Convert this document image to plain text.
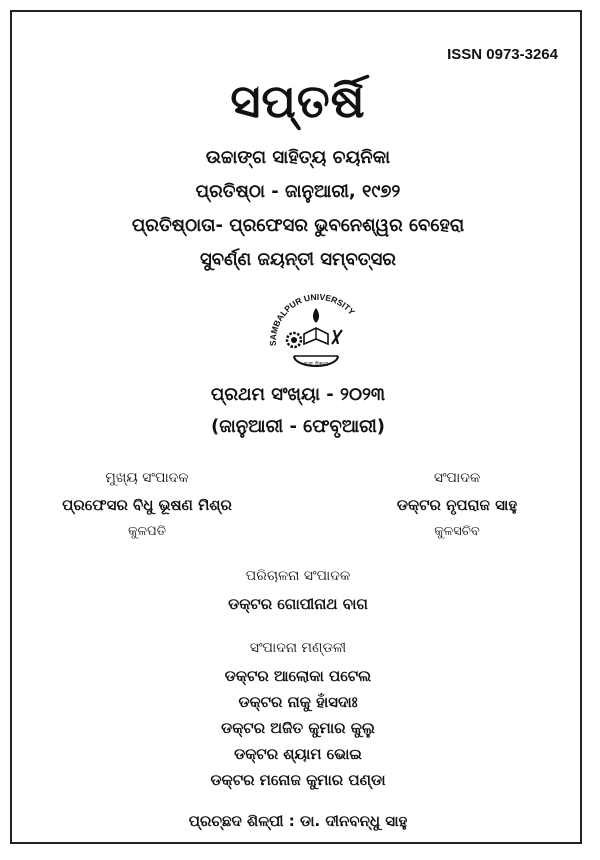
ISSN 0973-3264
ସପ୍ତର୍ଷି
ଉଚ୍ଚାଙ୍ଗ ସାହିତ୍ୟ ଚୟନିକା
ପ୍ରତିଷ୍ଠା - ଜାନୁଆରୀ, ୧୯୭୨
ପ୍ରତିଷ୍ଠାତା- ପ୍ରଫେସର ଭୁବନେଶ୍ୱର ବେହେରା
ସୁବର୍ଣ୍ଣ ଜୟନ୍ତୀ ସମ୍ବତ୍ସର
SAMBALPUR UNIVERSITY
ଜ୍ଞାନ ବିଜ୍ଞାନ
ପ୍ରଥମ ସଂଖ୍ୟା - ୨୦୨୩
(ଜାନୁଆରୀ - ଫେବୃଆରୀ)
ମୁଖ୍ୟ ସଂପାଦକ
ପ୍ରଫେସର ବିଧୁ ଭୂଷଣ ମିଶ୍ର
କୁଳପତି
ସଂପାଦକ
ଡକ୍ଟର ନୃପରାଜ ସାହୁ
କୁଳସଚିବ
ପରିଚାଳନା ସଂପାଦକ
ଡକ୍ଟର ଗୋପୀନାଥ ବାଗ
ସଂପାଦନା ମଣ୍ଡଳୀ
ଡକ୍ଟର ଆଲୋକା ପଟେଲ
ଡକ୍ଟର ନାକୁ ହାଁସଦାଃ
ଡକ୍ଟର ଅଜିତ କୁମାର କୁଲୁ
ଡକ୍ଟର ଶ୍ୟାମ ଭୋଇ
ଡକ୍ଟର ମନୋଜ କୁମାର ପଣ୍ଡା
ପ୍ରଚ୍ଛଦ ଶିଳ୍ପୀ : ଡା. ଦୀନବନ୍ଧୁ ସାହୁ
